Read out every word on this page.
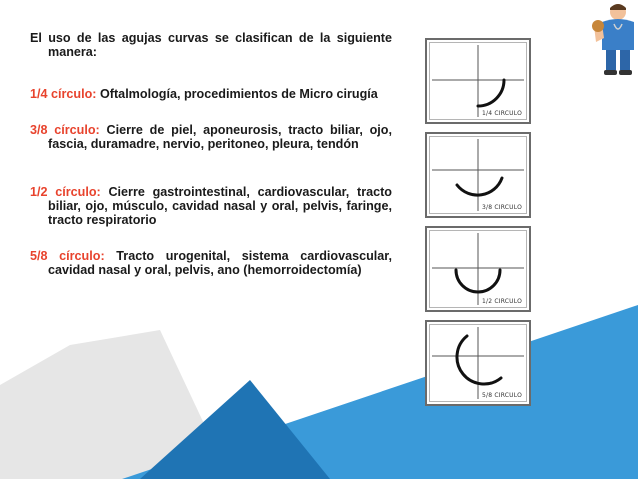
El uso de las agujas curvas se clasifican de la siguiente manera:

1/4 círculo: Oftalmología, procedimientos de Micro cirugía

3/8 círculo: Cierre de piel, aponeurosis, tracto biliar, ojo, fascia, duramadre, nervio, peritoneo, pleura, tendón

1/2 círculo: Cierre gastrointestinal, cardiovascular, tracto biliar, ojo, músculo, cavidad nasal y oral, pelvis, faringe, tracto respiratorio

5/8 círculo: Tracto urogenital, sistema cardiovascular, cavidad nasal y oral, pelvis, ano (hemorroidectomía)

1/4 CIRCULO
3/8 CIRCULO
1/2 CIRCULO
5/8 CIRCULO
